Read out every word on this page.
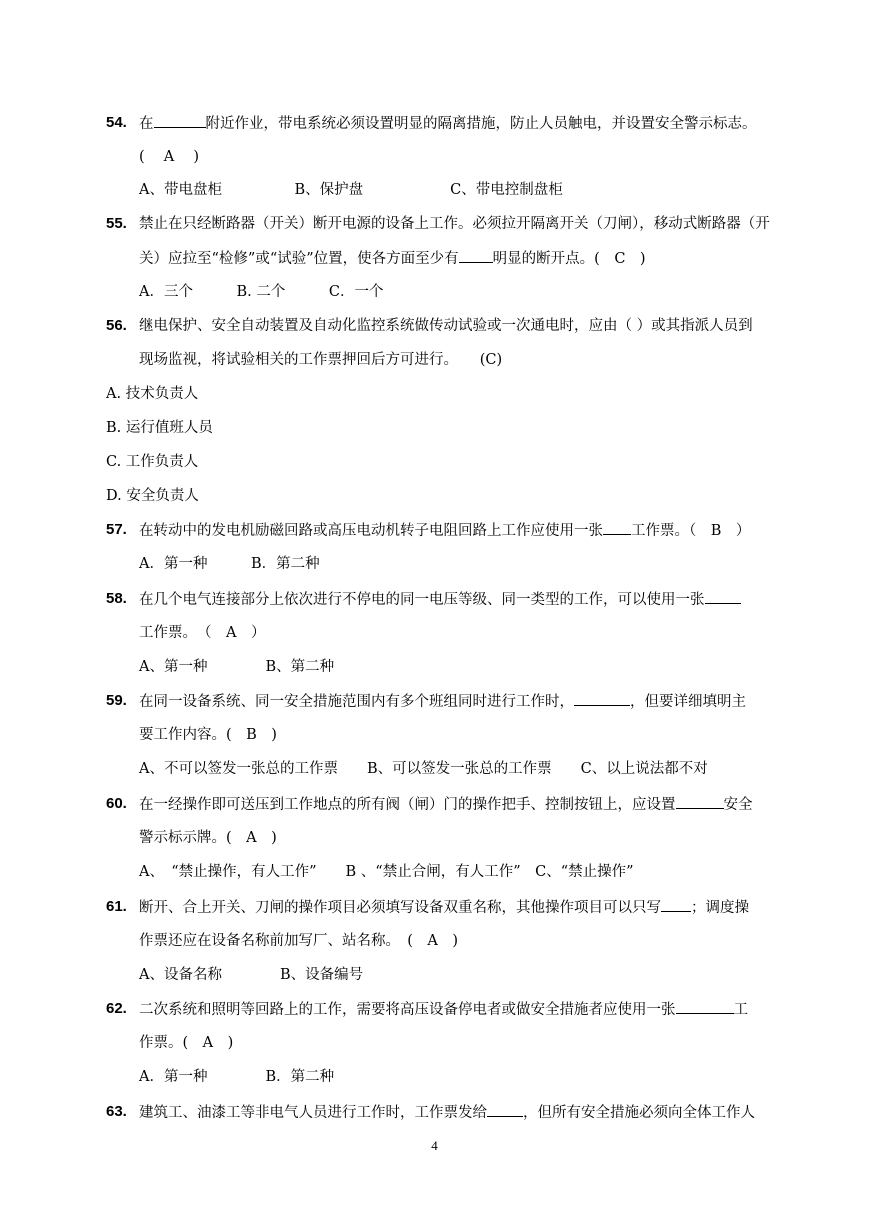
54. 在	附近作业，带电系统必须设置明显的隔离措施，防止人员触电，并设置安全警示标志。
(　 A 　)
A、带电盘柜　　　　　B、保护盘　　　　　　C、带电控制盘柜
55. 禁止在只经断路器（开关）断开电源的设备上工作。必须拉开隔离开关（刀闸），移动式断路器（开
关）应拉至“检修”或“试验”位置，使各方面至少有 明显的断开点。(　C　)
A．三个　　　B. 二个　　　C．一个
56. 继电保护、安全自动装置及自动化监控系统做传动试验或一次通电时，应由（ ）或其指派人员到
现场监视，将试验相关的工作票押回后方可进行。　　(C)
A. 技术负责人
B. 运行值班人员
C. 工作负责人
D. 安全负责人
57. 在转动中的发电机励磁回路或高压电动机转子电阻回路上工作应使用一张 工作票。（　B　）
A．第一种　　　B．第二种
58. 在几个电气连接部分上依次进行不停电的同一电压等级、同一类型的工作，可以使用一张
工作票。　（　A　）
A、第一种　　　　B、第二种
59. 在同一设备系统、同一安全措施范围内有多个班组同时进行工作时，	，但要详细填明主
要工作内容。(　B　)
A、不可以签发一张总的工作票　　B、可以签发一张总的工作票　　C、以上说法都不对
60. 在一经操作即可送压到工作地点的所有阀（闸）门的操作把手、控制按钮上，应设置	安全
警示标示牌。(　A　)
A、　“禁止操作，有人工作”　　B 、“禁止合闸，有人工作”　C、“禁止操作”
61. 断开、合上开关、刀闸的操作项目必须填写设备双重名称，其他操作项目可以只写 ；调度操
作票还应在设备名称前加写厂、站名称。　(　A　)
A、设备名称　　　　B、设备编号
62. 二次系统和照明等回路上的工作，需要将高压设备停电者或做安全措施者应使用一张	工
作票。(　A　)
A．第一种　　　　B．第二种
63. 建筑工、油漆工等非电气人员进行工作时，工作票发给 ，但所有安全措施必须向全体工作人
4
